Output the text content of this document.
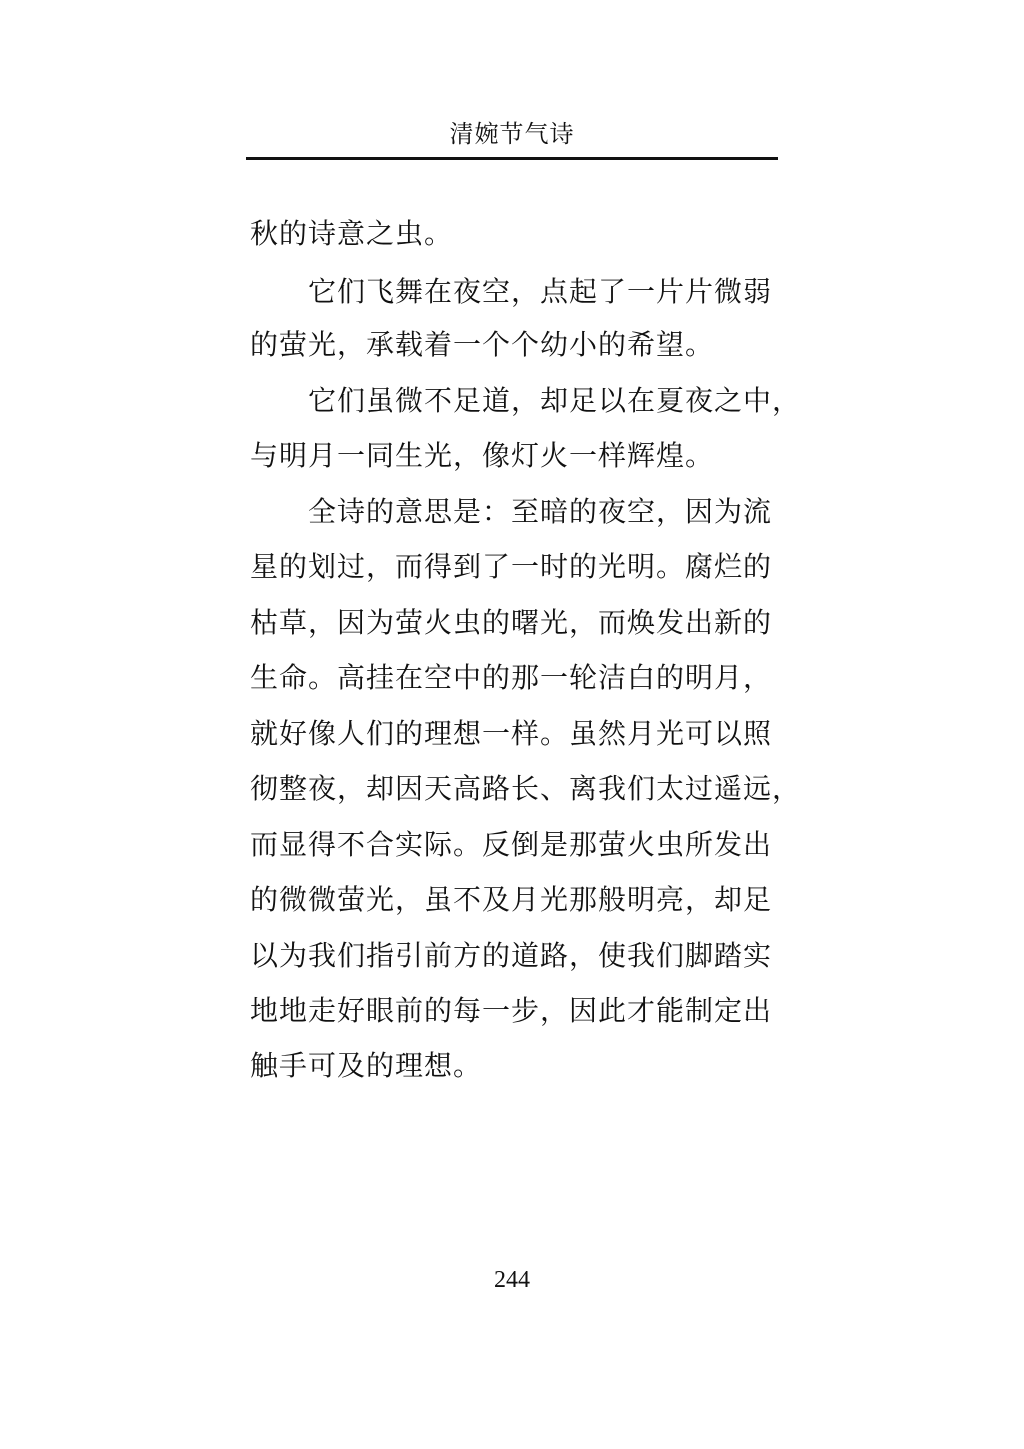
清婉节气诗
秋的诗意之虫。
它们飞舞在夜空，点起了一片片微弱
的萤光，承载着一个个幼小的希望。
它们虽微不足道，却足以在夏夜之中，
与明月一同生光，像灯火一样辉煌。
全诗的意思是：至暗的夜空，因为流
星的划过，而得到了一时的光明。腐烂的
枯草，因为萤火虫的曙光，而焕发出新的
生命。高挂在空中的那一轮洁白的明月，
就好像人们的理想一样。虽然月光可以照
彻整夜，却因天高路长、离我们太过遥远，
而显得不合实际。反倒是那萤火虫所发出
的微微萤光，虽不及月光那般明亮，却足
以为我们指引前方的道路，使我们脚踏实
地地走好眼前的每一步，因此才能制定出
触手可及的理想。
244
